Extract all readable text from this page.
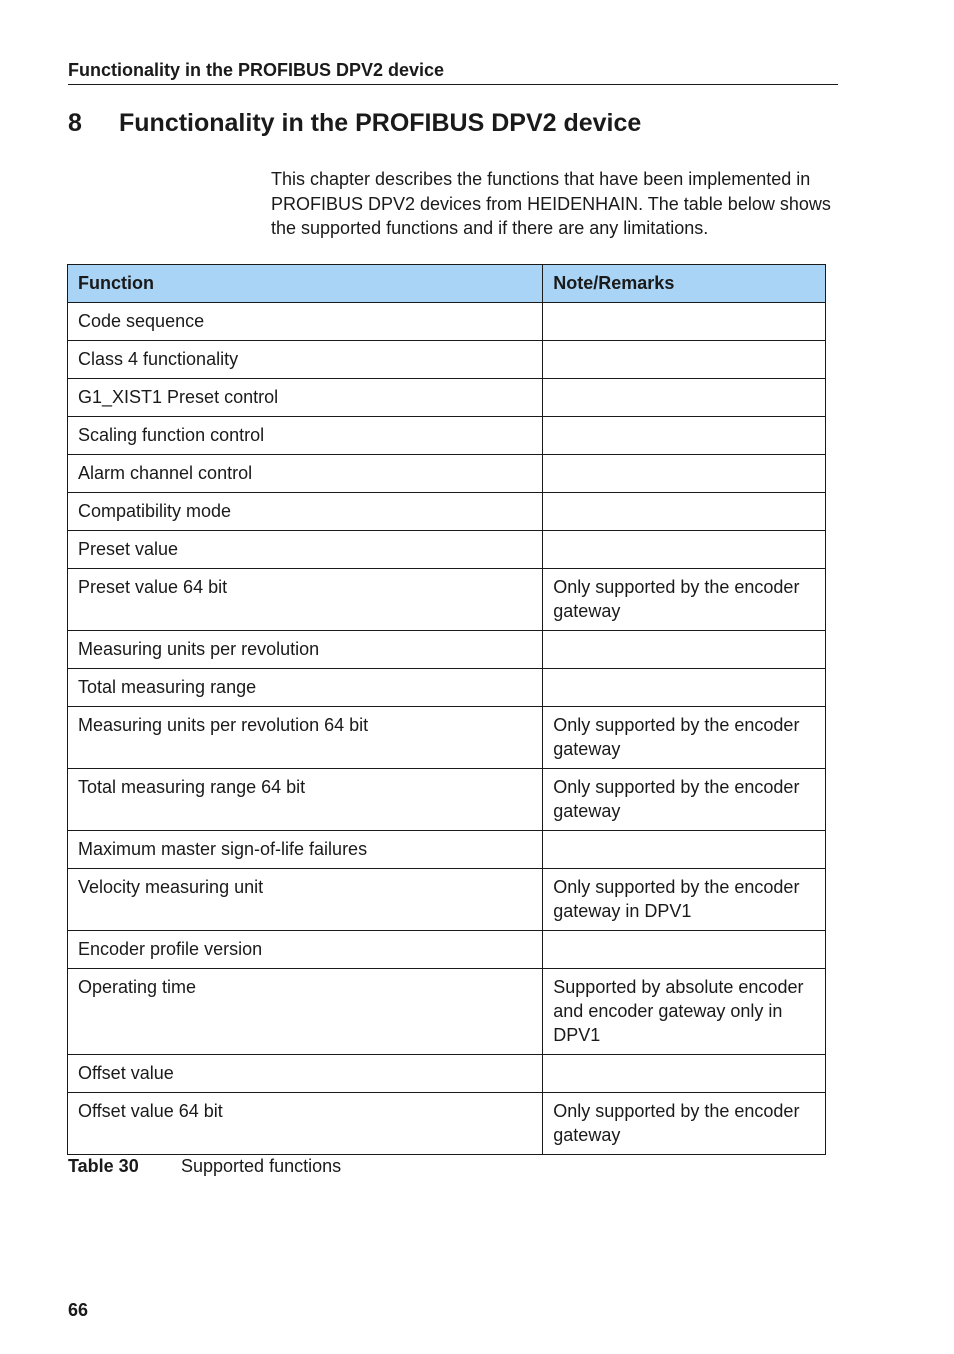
Functionality in the PROFIBUS DPV2 device
8	Functionality in the PROFIBUS DPV2 device

This chapter describes the functions that have been implemented in PROFIBUS DPV2 devices from HEIDENHAIN. The table below shows the supported functions and if there are any limitations.

Function	Note/Remarks
Code sequence	
Class 4 functionality	
G1_XIST1 Preset control	
Scaling function control	
Alarm channel control	
Compatibility mode	
Preset value	
Preset value 64 bit	Only supported by the encoder gateway
Measuring units per revolution	
Total measuring range	
Measuring units per revolution 64 bit	Only supported by the encoder gateway
Total measuring range 64 bit	Only supported by the encoder gateway
Maximum master sign-of-life failures	
Velocity measuring unit	Only supported by the encoder gateway in DPV1
Encoder profile version	
Operating time	Supported by absolute encoder and encoder gateway only in DPV1
Offset value	
Offset value 64 bit	Only supported by the encoder gateway
Table 30	Supported functions
66
